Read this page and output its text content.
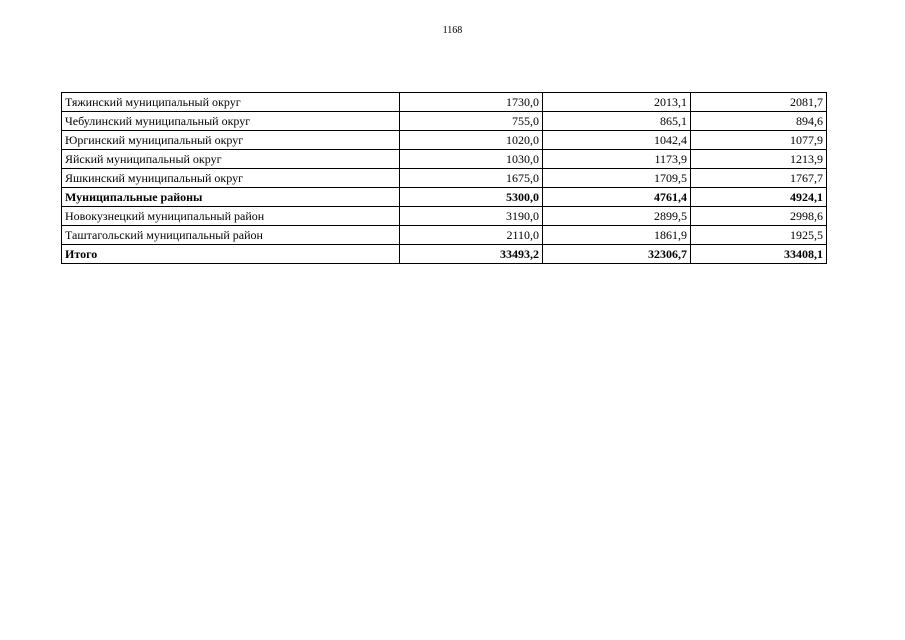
1168
Тяжинский муниципальный округ	1730,0	2013,1	2081,7
Чебулинский муниципальный округ	755,0	865,1	894,6
Юргинский муниципальный округ	1020,0	1042,4	1077,9
Яйский муниципальный округ	1030,0	1173,9	1213,9
Яшкинский муниципальный округ	1675,0	1709,5	1767,7
Муниципальные районы	5300,0	4761,4	4924,1
Новокузнецкий муниципальный район	3190,0	2899,5	2998,6
Таштагольский муниципальный район	2110,0	1861,9	1925,5
Итого	33493,2	32306,7	33408,1
